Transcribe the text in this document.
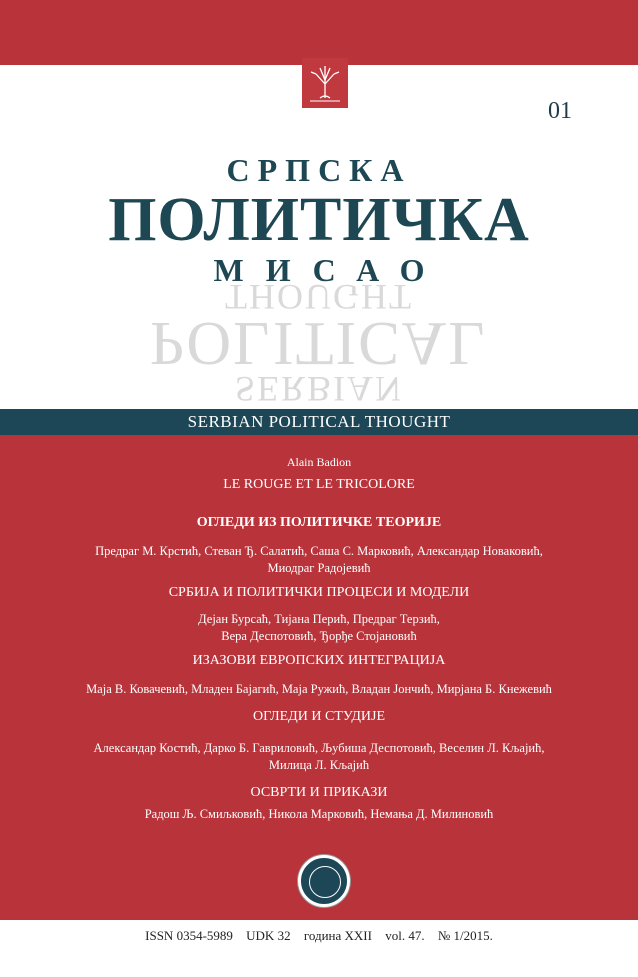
01
СРПСКА
ПОЛИТИЧКА
МИСАО
SERBIAN
POLITICAL
THOUGHT
SERBIAN POLITICAL THOUGHT
Alain Badion
LE ROUGE ET LE TRICOLORE
ОГЛЕДИ ИЗ ПОЛИТИЧКЕ ТЕОРИЈЕ
Предраг М. Крстић, Стеван Ђ. Салатић, Саша С. Марковић, Александар Новаковић,
Миодраг Радојевић
СРБИЈА И ПОЛИТИЧКИ ПРОЦЕСИ И МОДЕЛИ
Дејан Бурсаћ, Тијана Перић, Предраг Терзић,
Вера Деспотовић, Ђорђе Стојановић
ИЗАЗОВИ ЕВРОПСКИХ ИНТЕГРАЦИЈА
Маја В. Ковачевић, Младен Бајагић, Маја Ружић, Владан Јончић, Мирјана Б. Кнежевић
ОГЛЕДИ И СТУДИЈЕ
Александар Костић, Дарко Б. Гавриловић, Љубиша Деспотовић, Веселин Л. Кљајић,
Милица Л. Кљајић
ОСВРТИ И ПРИКАЗИ
Радош Љ. Смиљковић, Никола Марковић, Немања Д. Милиновић
ISSN 0354-5989 UDK 32 година XXII vol. 47. № 1/2015.
